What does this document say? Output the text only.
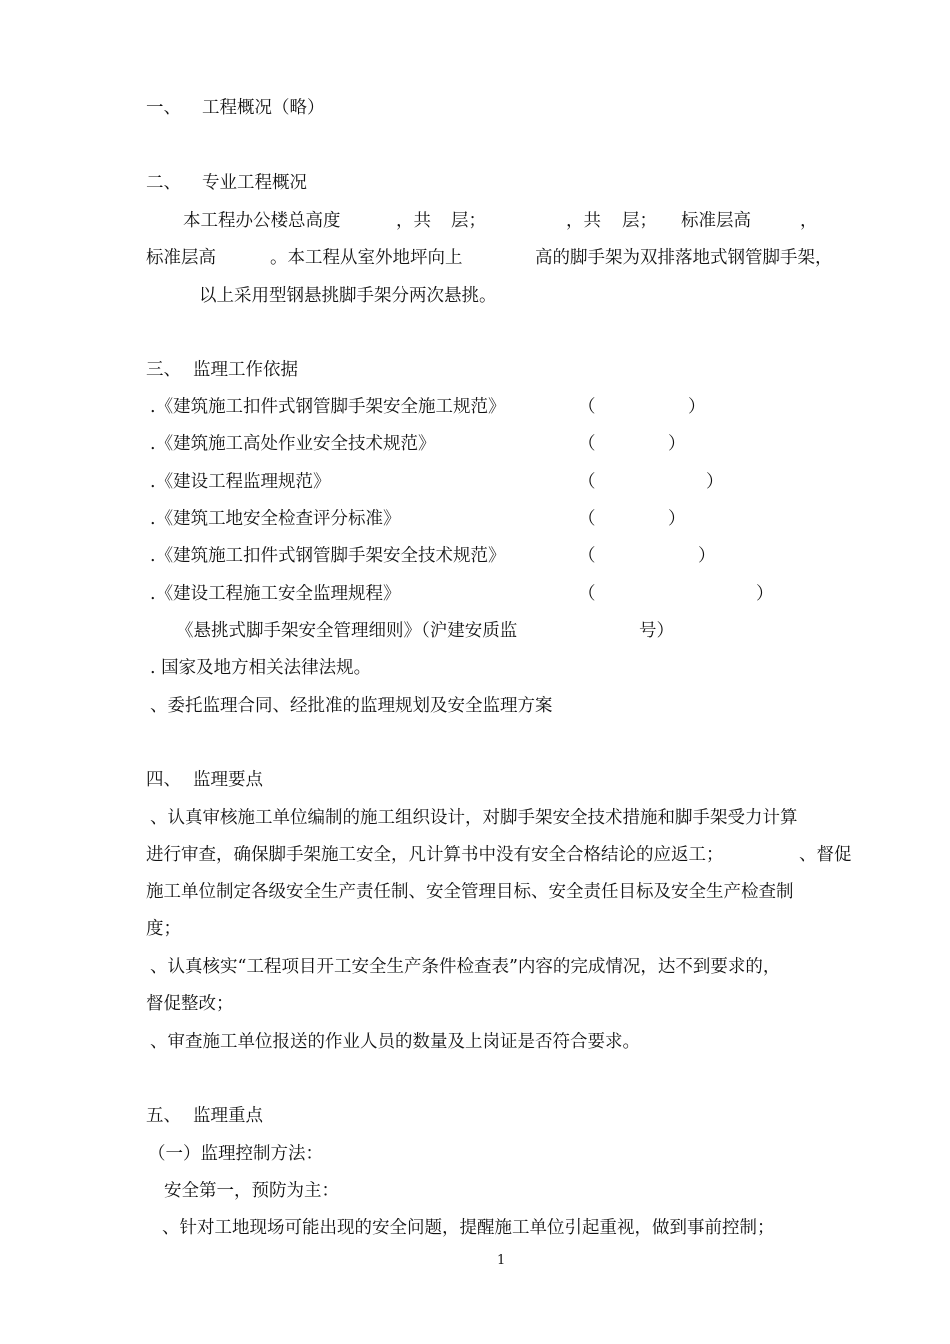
一、 工程概况（略）
二、 专业工程概况
本工程办公楼总高度	，共 层；	，共 层； 标准层高	，
标准层高	。本工程从室外地坪向上	高的脚手架为双排落地式钢管脚手架，
以上采用型钢悬挑脚手架分两次悬挑。
三、 监理工作依据
.《建筑施工扣件式钢管脚手架安全施工规范》	（	）
.《建筑施工高处作业安全技术规范》	（	）
.《建设工程监理规范》	（	）
.《建筑工地安全检查评分标准》	（	）
.《建筑施工扣件式钢管脚手架安全技术规范》	（	）
.《建设工程施工安全监理规程》	（	）
《悬挑式脚手架安全管理细则》（沪建安质监	号）
. 国家及地方相关法律法规。
、委托监理合同、经批准的监理规划及安全监理方案
四、 监理要点
、认真审核施工单位编制的施工组织设计，对脚手架安全技术措施和脚手架受力计算
进行审查，确保脚手架施工安全，凡计算书中没有安全合格结论的应返工；	、督促
施工单位制定各级安全生产责任制、安全管理目标、安全责任目标及安全生产检查制
度；
、认真核实“工程项目开工安全生产条件检查表”内容的完成情况，达不到要求的，
督促整改；
、审查施工单位报送的作业人员的数量及上岗证是否符合要求。
五、 监理重点
（一）监理控制方法：
安全第一，预防为主：
、针对工地现场可能出现的安全问题，提醒施工单位引起重视，做到事前控制；
1
